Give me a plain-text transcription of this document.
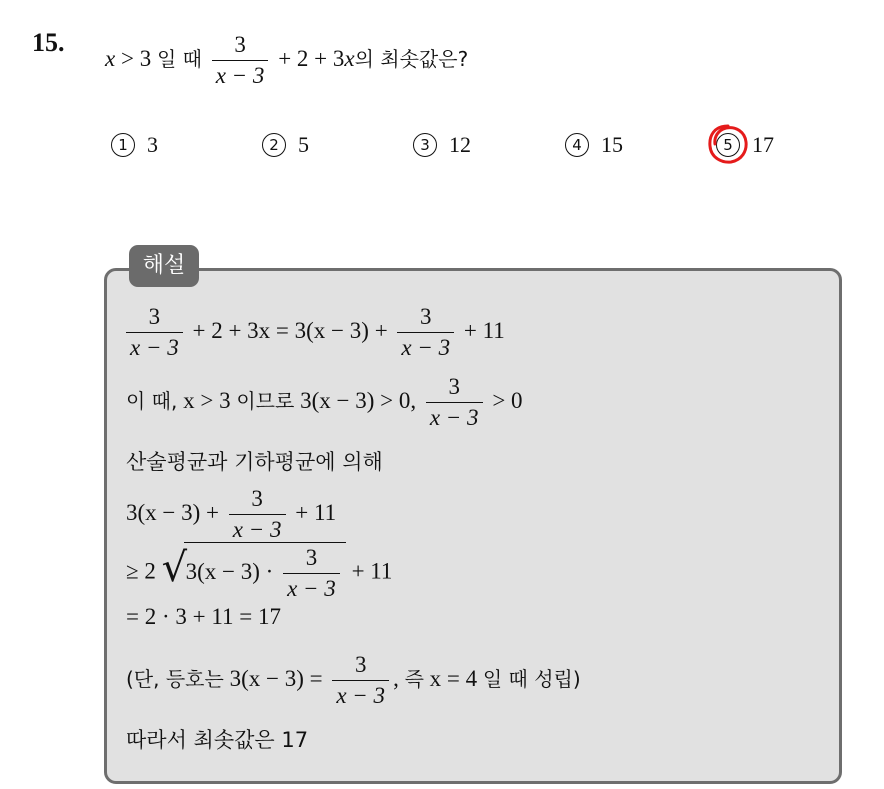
15.
x > 3 일 때 $\frac{3}{x - 3} + 2 + 3x$의 최솟값은?
1 3	2 5	3 12	4 15	5 17
해설
$\frac{3}{x - 3} + 2 + 3x = 3(x - 3) + \frac{3}{x - 3} + 11$
이 때, x > 3 이므로 3(x − 3) > 0, $\frac{3}{x - 3} > 0$
산술평균과 기하평균에 의해
$3(x - 3) + \frac{3}{x - 3} + 11$
≥ 2 √
$3(x - 3) \cdot \frac{3}{x - 3} + 11$
= 2 · 3 + 11 = 17
(단, 등호는 $3(x - 3) = \frac{3}{x - 3}$ , 즉 x = 4 일 때 성립)
따라서 최솟값은 17
